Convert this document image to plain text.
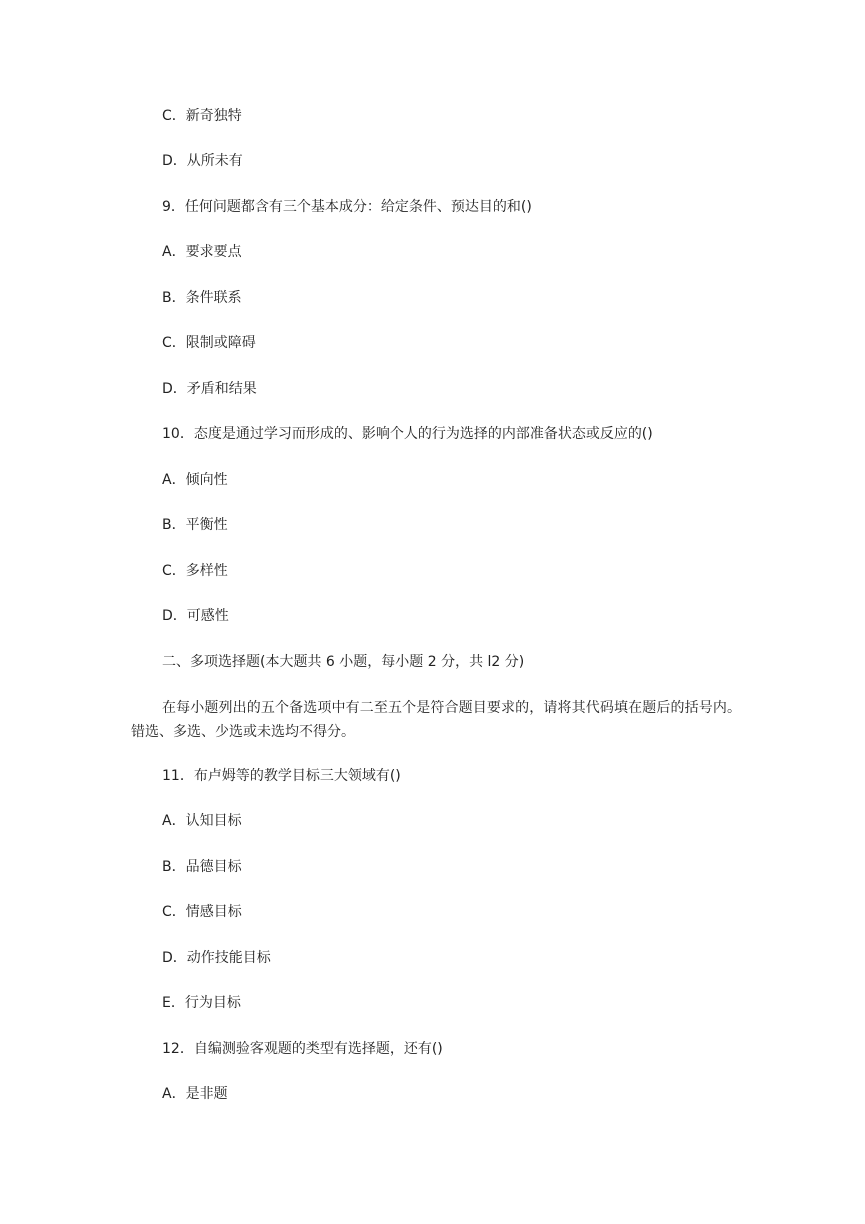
C．新奇独特
D．从所未有
9．任何问题都含有三个基本成分：给定条件、预达目的和()
A．要求要点
B．条件联系
C．限制或障碍
D．矛盾和结果
10．态度是通过学习而形成的、影响个人的行为选择的内部准备状态或反应的()
A．倾向性
B．平衡性
C．多样性
D．可感性
二、多项选择题(本大题共 6 小题，每小题 2 分，共 l2 分)
在每小题列出的五个备选项中有二至五个是符合题目要求的，请将其代码填在题后的括号内。错选、多选、少选或未选均不得分。
11．布卢姆等的教学目标三大领域有()
A．认知目标
B．品德目标
C．情感目标
D．动作技能目标
E．行为目标
12．自编测验客观题的类型有选择题，还有()
A．是非题
